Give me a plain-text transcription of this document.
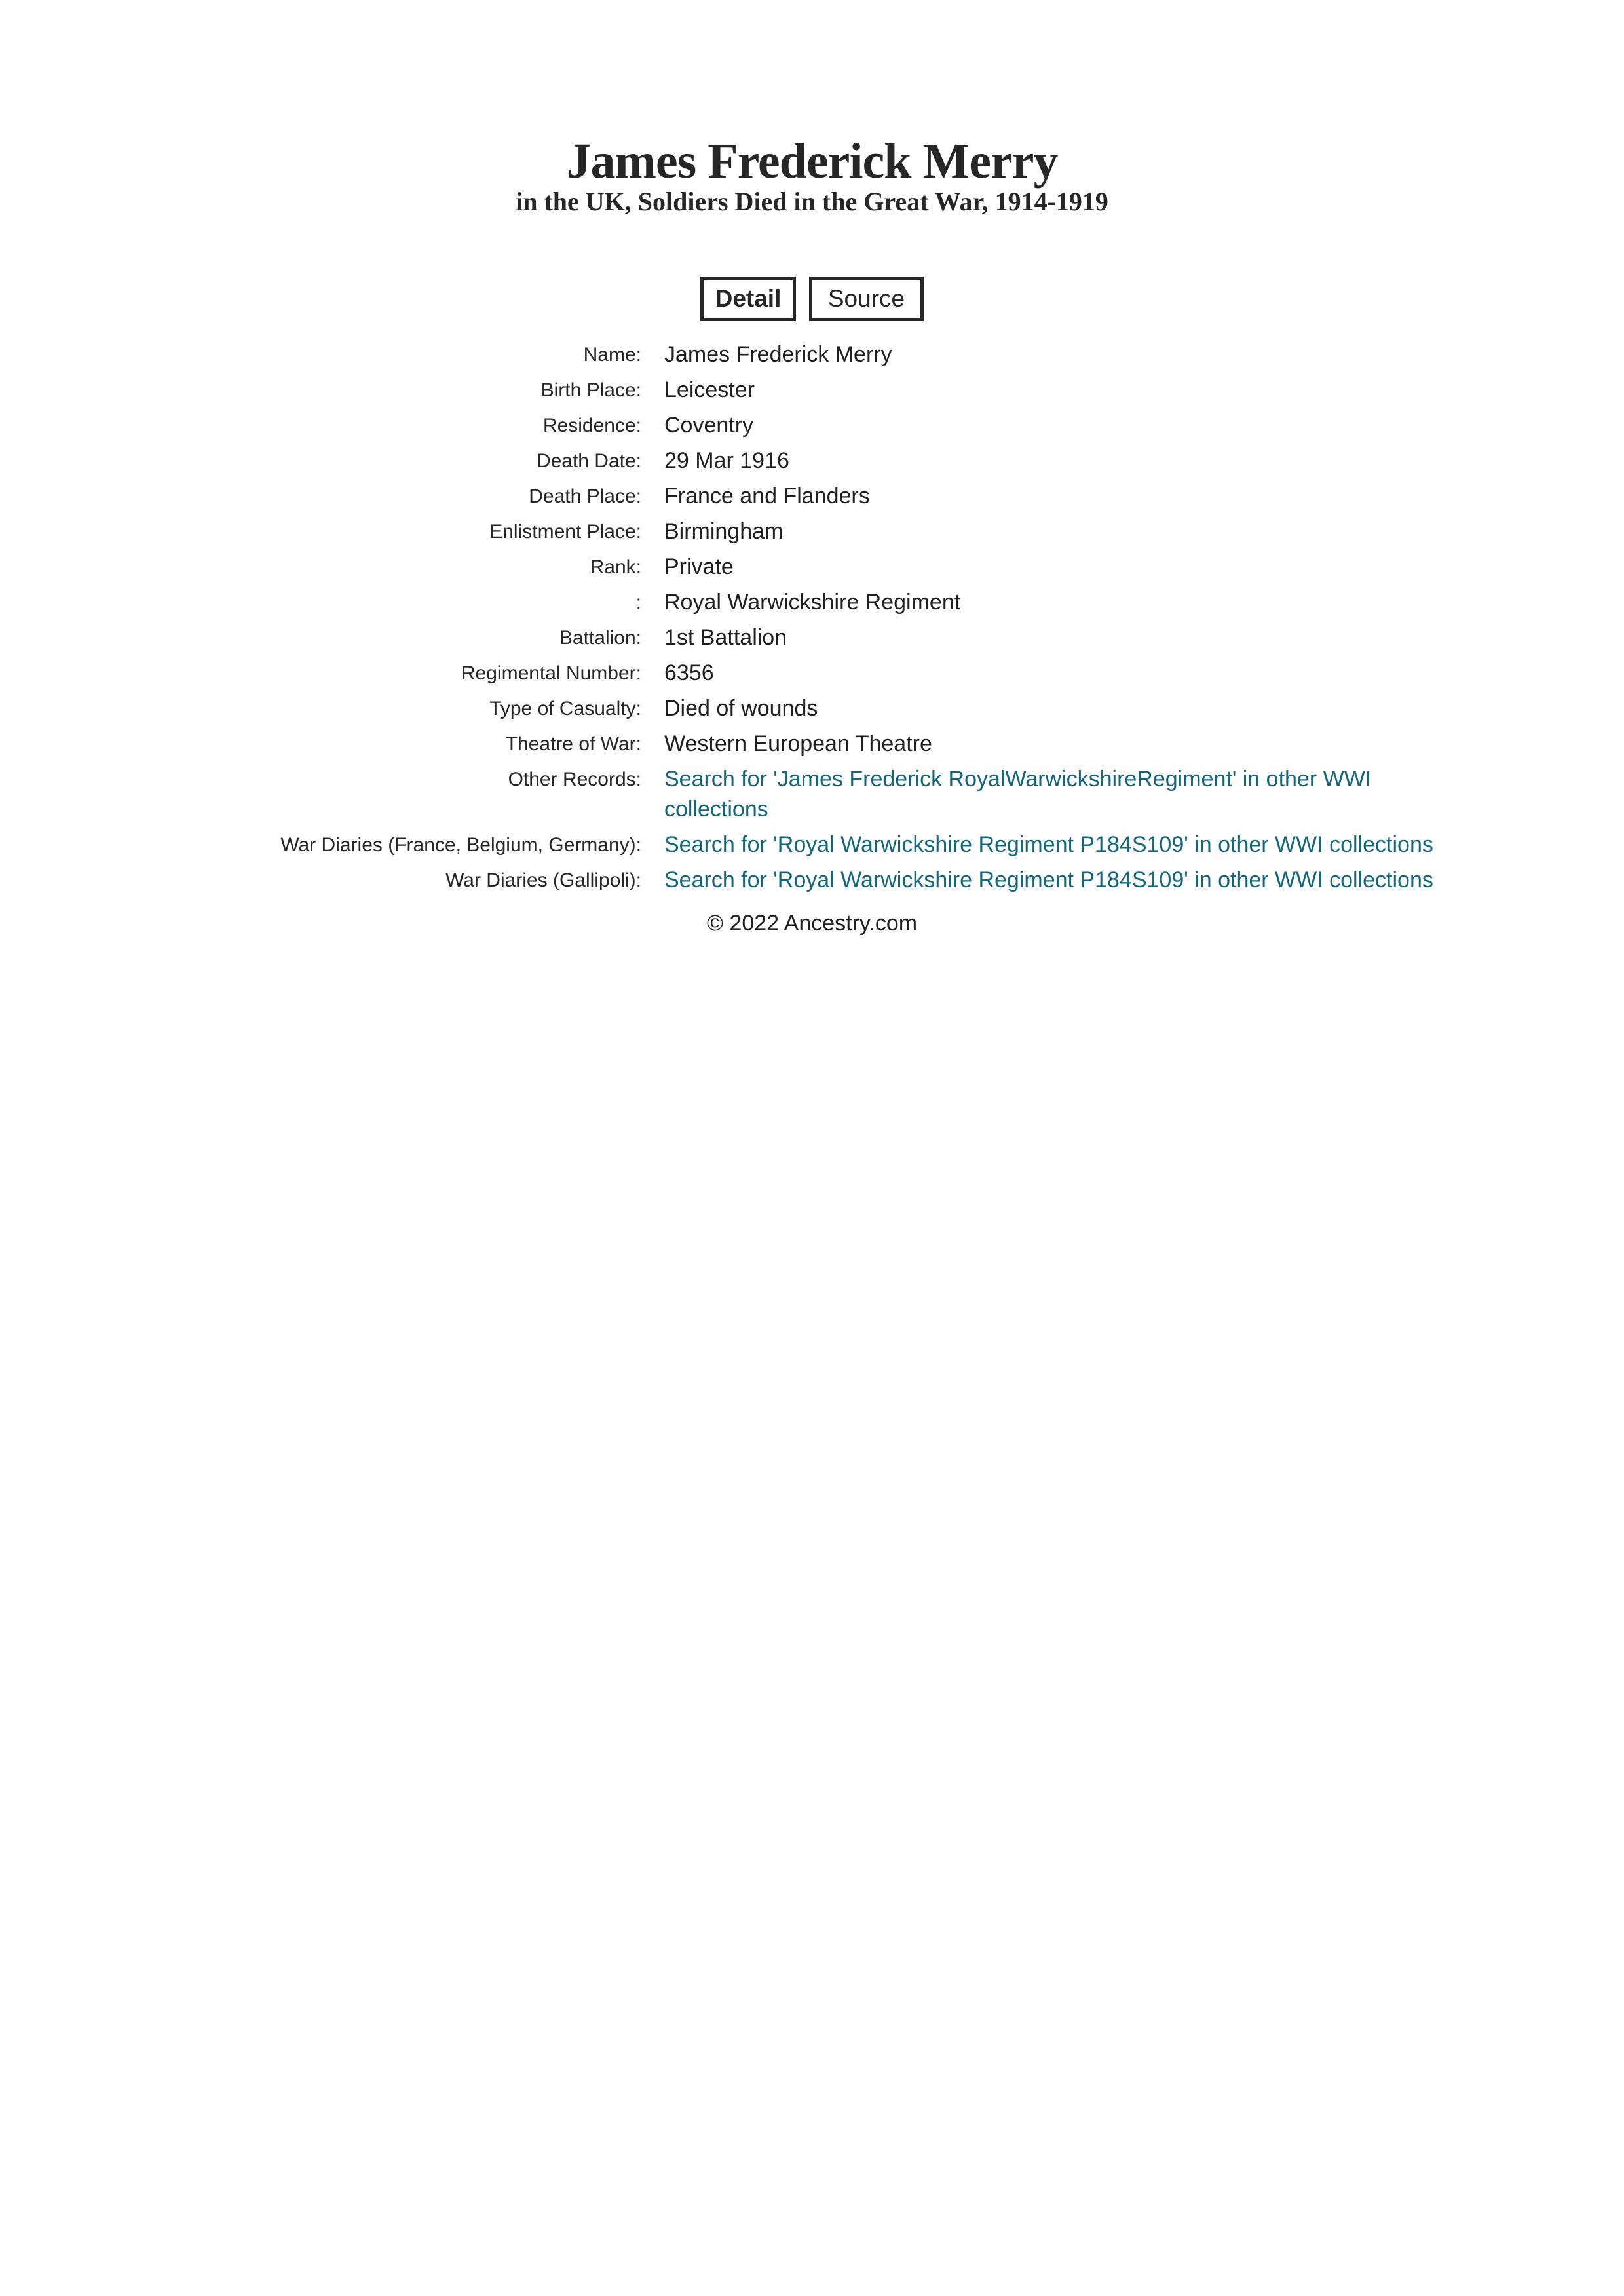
James Frederick Merry
in the UK, Soldiers Died in the Great War, 1914-1919
Detail	Source
Name: James Frederick Merry
Birth Place: Leicester
Residence: Coventry
Death Date: 29 Mar 1916
Death Place: France and Flanders
Enlistment Place: Birmingham
Rank: Private
: Royal Warwickshire Regiment
Battalion: 1st Battalion
Regimental Number: 6356
Type of Casualty: Died of wounds
Theatre of War: Western European Theatre
Other Records: Search for 'James Frederick RoyalWarwickshireRegiment' in other WWI collections
War Diaries (France, Belgium, Germany): Search for 'Royal Warwickshire Regiment P184S109' in other WWI collections
War Diaries (Gallipoli): Search for 'Royal Warwickshire Regiment P184S109' in other WWI collections
© 2022 Ancestry.com
